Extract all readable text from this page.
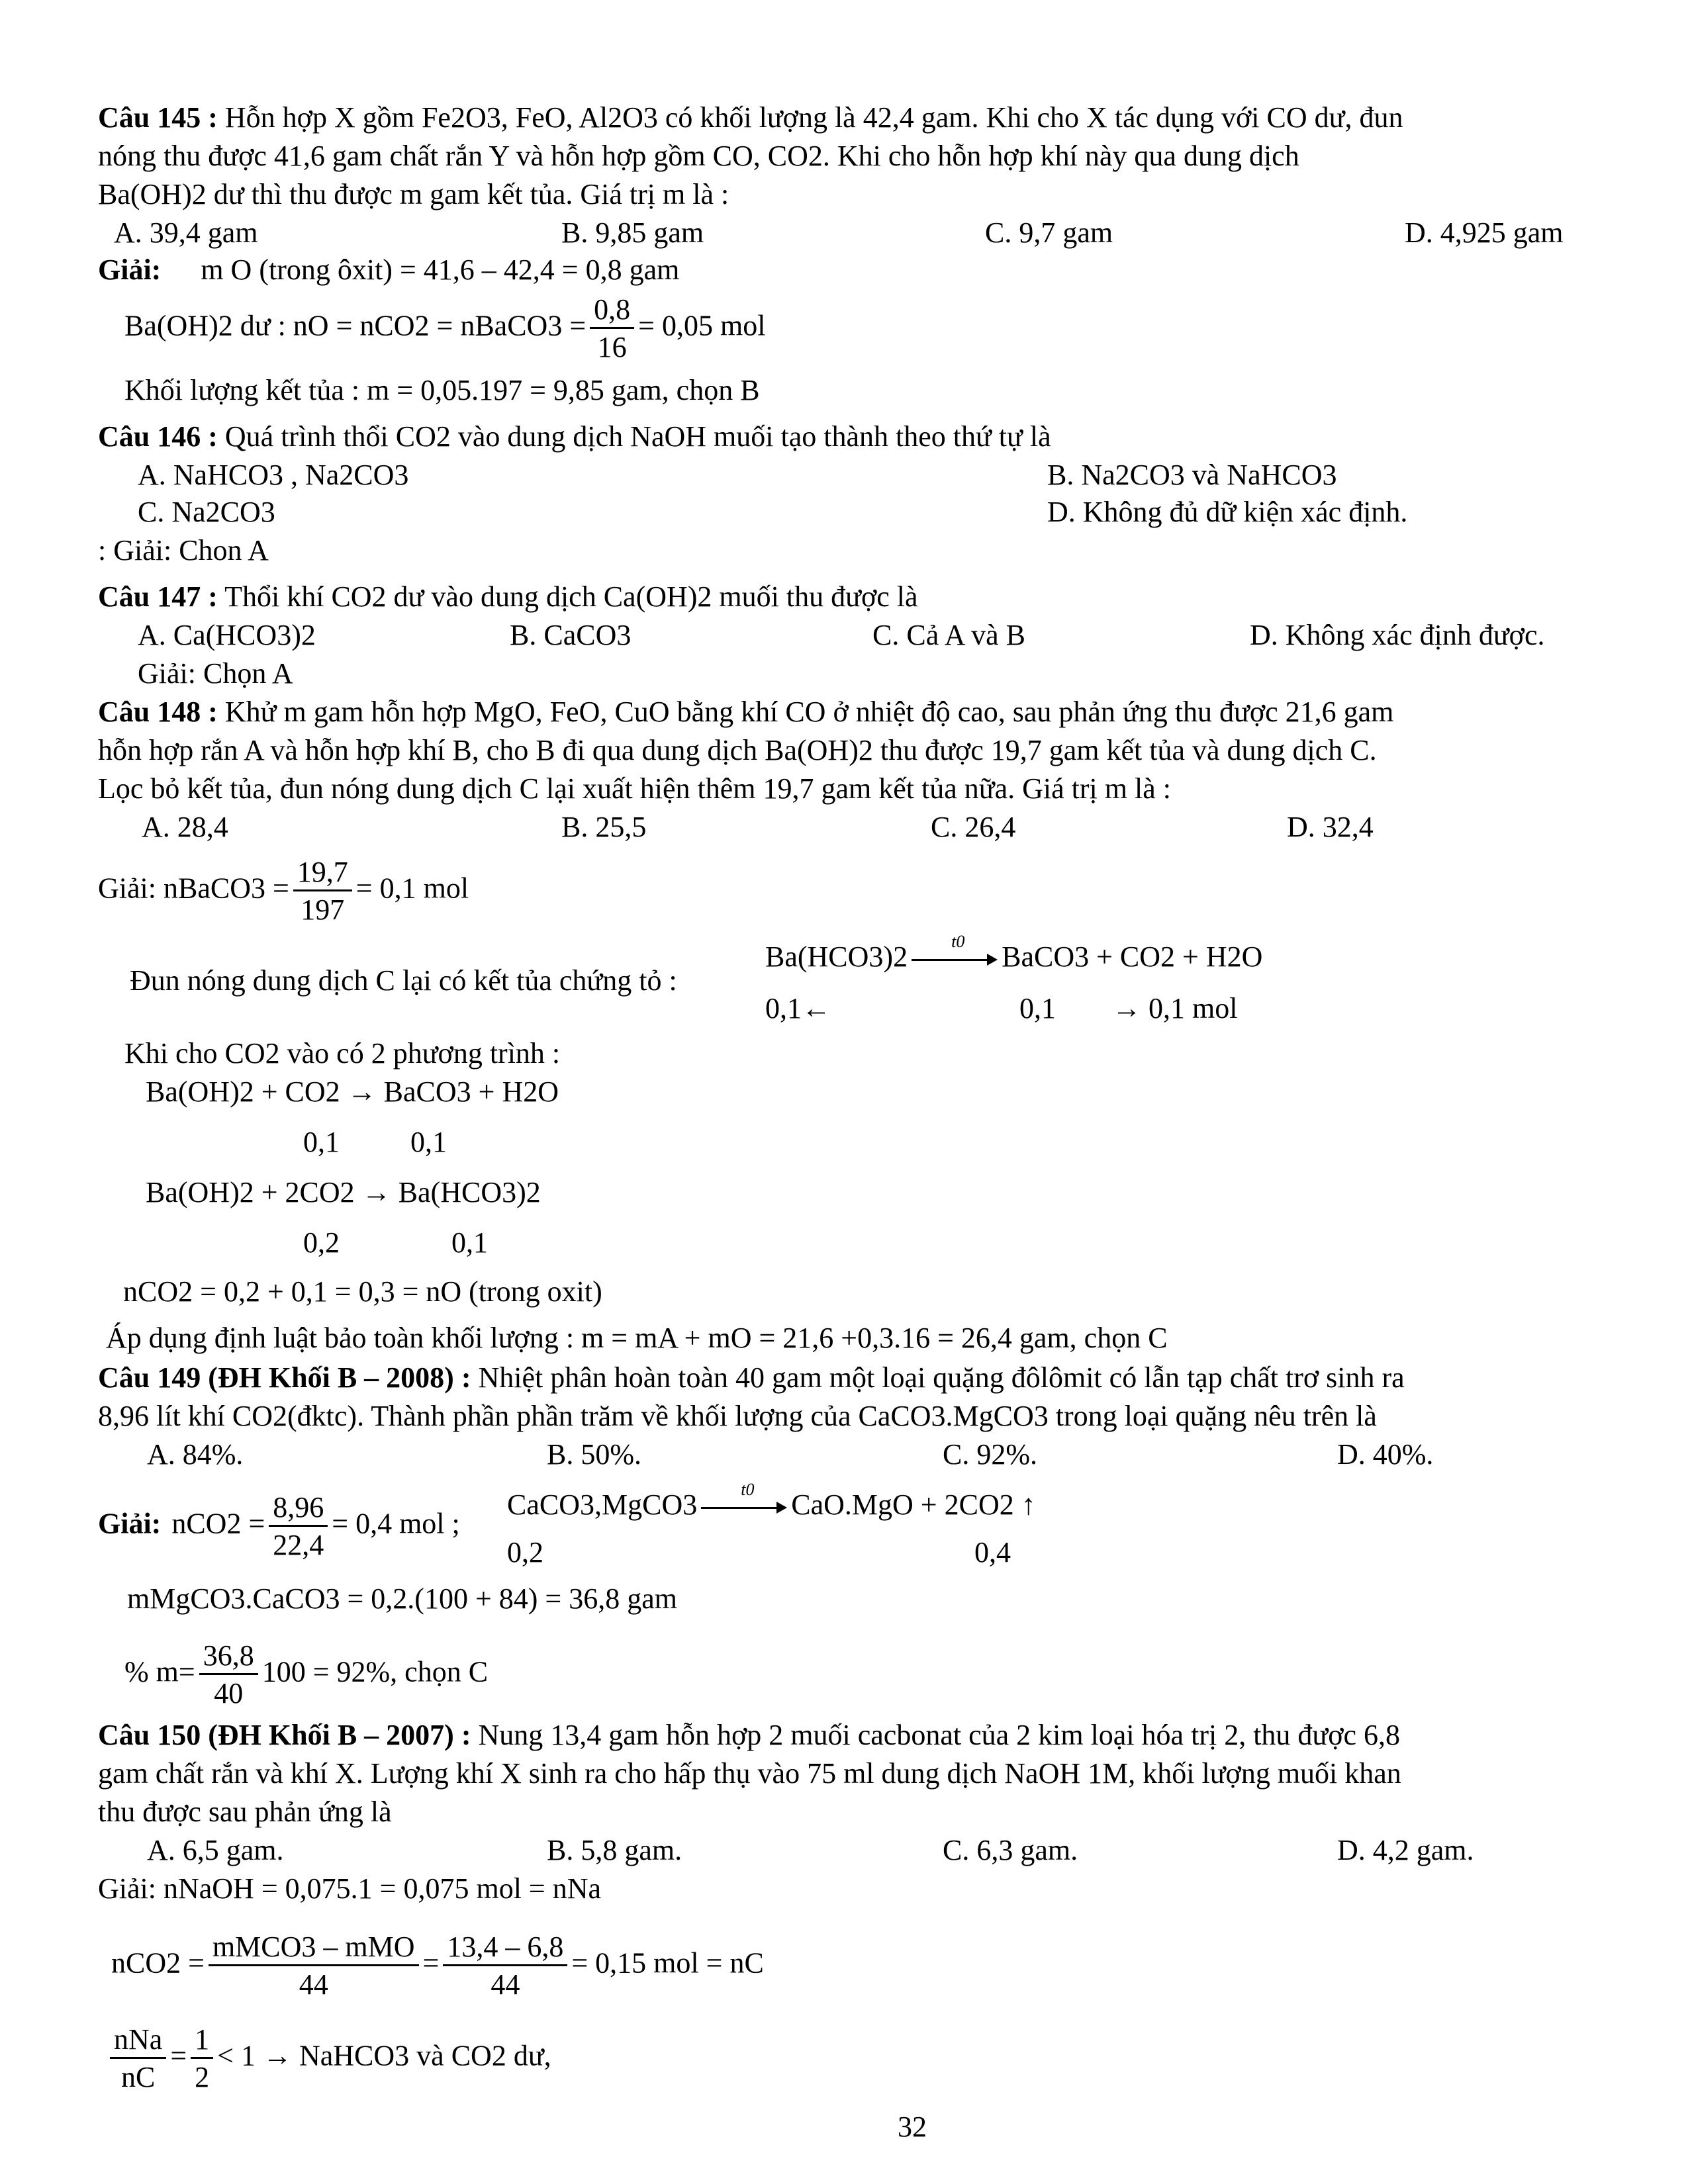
Câu 145 : Hỗn hợp X gồm Fe2O3, FeO, Al2O3 có khối lượng là 42,4 gam. Khi cho X tác dụng với CO dư, đun
nóng thu được 41,6 gam chất rắn Y và hỗn hợp gồm CO, CO2. Khi cho hỗn hợp khí này qua dung dịch
Ba(OH)2 dư thì thu được m gam kết tủa. Giá trị m là :
A. 39,4 gam	B. 9,85 gam	C. 9,7 gam	D. 4,925 gam
Giải: m O (trong ôxit) = 41,6 – 42,4 = 0,8 gam
Ba(OH)2 dư : nO = nCO2 = nBaCO3 = $\frac{0,8}{16} = 0,05$ mol
Khối lượng kết tủa : m = 0,05.197 = 9,85 gam, chọn B
Câu 146 : Quá trình thổi CO2 vào dung dịch NaOH muối tạo thành theo thứ tự là
A. NaHCO3 , Na2CO3	B. Na2CO3 và NaHCO3
C. Na2CO3	D. Không đủ dữ kiện xác định.
: Giải: Chon A
Câu 147 : Thổi khí CO2 dư vào dung dịch Ca(OH)2 muối thu được là
A. Ca(HCO3)2	B. CaCO3	C. Cả A và B	D. Không xác định được.
Giải: Chọn A
Câu 148 : Khử m gam hỗn hợp MgO, FeO, CuO bằng khí CO ở nhiệt độ cao, sau phản ứng thu được 21,6 gam
hỗn hợp rắn A và hỗn hợp khí B, cho B đi qua dung dịch Ba(OH)2 thu được 19,7 gam kết tủa và dung dịch C.
Lọc bỏ kết tủa, đun nóng dung dịch C lại xuất hiện thêm 19,7 gam kết tủa nữa. Giá trị m là :
A. 28,4	B. 25,5	C. 26,4	D. 32,4
Giải: nBaCO3 = $\frac{19,7}{197} = 0,1$ mol
Đun nóng dung dịch C lại có kết tủa chứng tỏ :
Ba(HCO3)2	t0 BaCO3 + CO2 + H2O
0,1←	0,1 → 0,1 mol
Khi cho CO2 vào có 2 phương trình :
Ba(OH)2 + CO2 → BaCO3 + H2O
0,1 0,1
Ba(OH)2 + 2CO2 → Ba(HCO3)2
0,2	0,1
nCO2 = 0,2 + 0,1 = 0,3 = nO (trong oxit)
Áp dụng định luật bảo toàn khối lượng : m = mA + mO = 21,6 +0,3.16 = 26,4 gam, chọn C
Câu 149 (ĐH Khối B – 2008) : Nhiệt phân hoàn toàn 40 gam một loại quặng đôlômit có lẫn tạp chất trơ sinh ra
8,96 lít khí CO2(đktc). Thành phần phần trăm về khối lượng của CaCO3.MgCO3 trong loại quặng nêu trên là
A. 84%.	B. 50%.	C. 92%.	D. 40%.
Giải: $nCO2 = \frac{8,96}{22,4} = 0,4$ mol ;
CaCO3,MgCO3	t0 CaO.MgO + 2CO2 ↑
0,2	0,4
mMgCO3.CaCO3 = 0,2.(100 + 84) = 36,8 gam
% $m= \frac{36,8}{40} 100 = 92\%$, chọn C
Câu 150 (ĐH Khối B – 2007) : Nung 13,4 gam hỗn hợp 2 muối cacbonat của 2 kim loại hóa trị 2, thu được 6,8
gam chất rắn và khí X. Lượng khí X sinh ra cho hấp thụ vào 75 ml dung dịch NaOH 1M, khối lượng muối khan
thu được sau phản ứng là
A. 6,5 gam.	B. 5,8 gam.	C. 6,3 gam.	D. 4,2 gam.
Giải: nNaOH = 0,075.1 = 0,075 mol = nNa
$nCO2 = \frac{\text{mMCO3 – mMO}}{44} = \frac{13,4 - 6,8}{44} = 0,15$ mol = nC
$\frac{\text{nNa}}{nC} = \frac{1}{2} < 1$ → NaHCO3 và CO2 dư,
32
